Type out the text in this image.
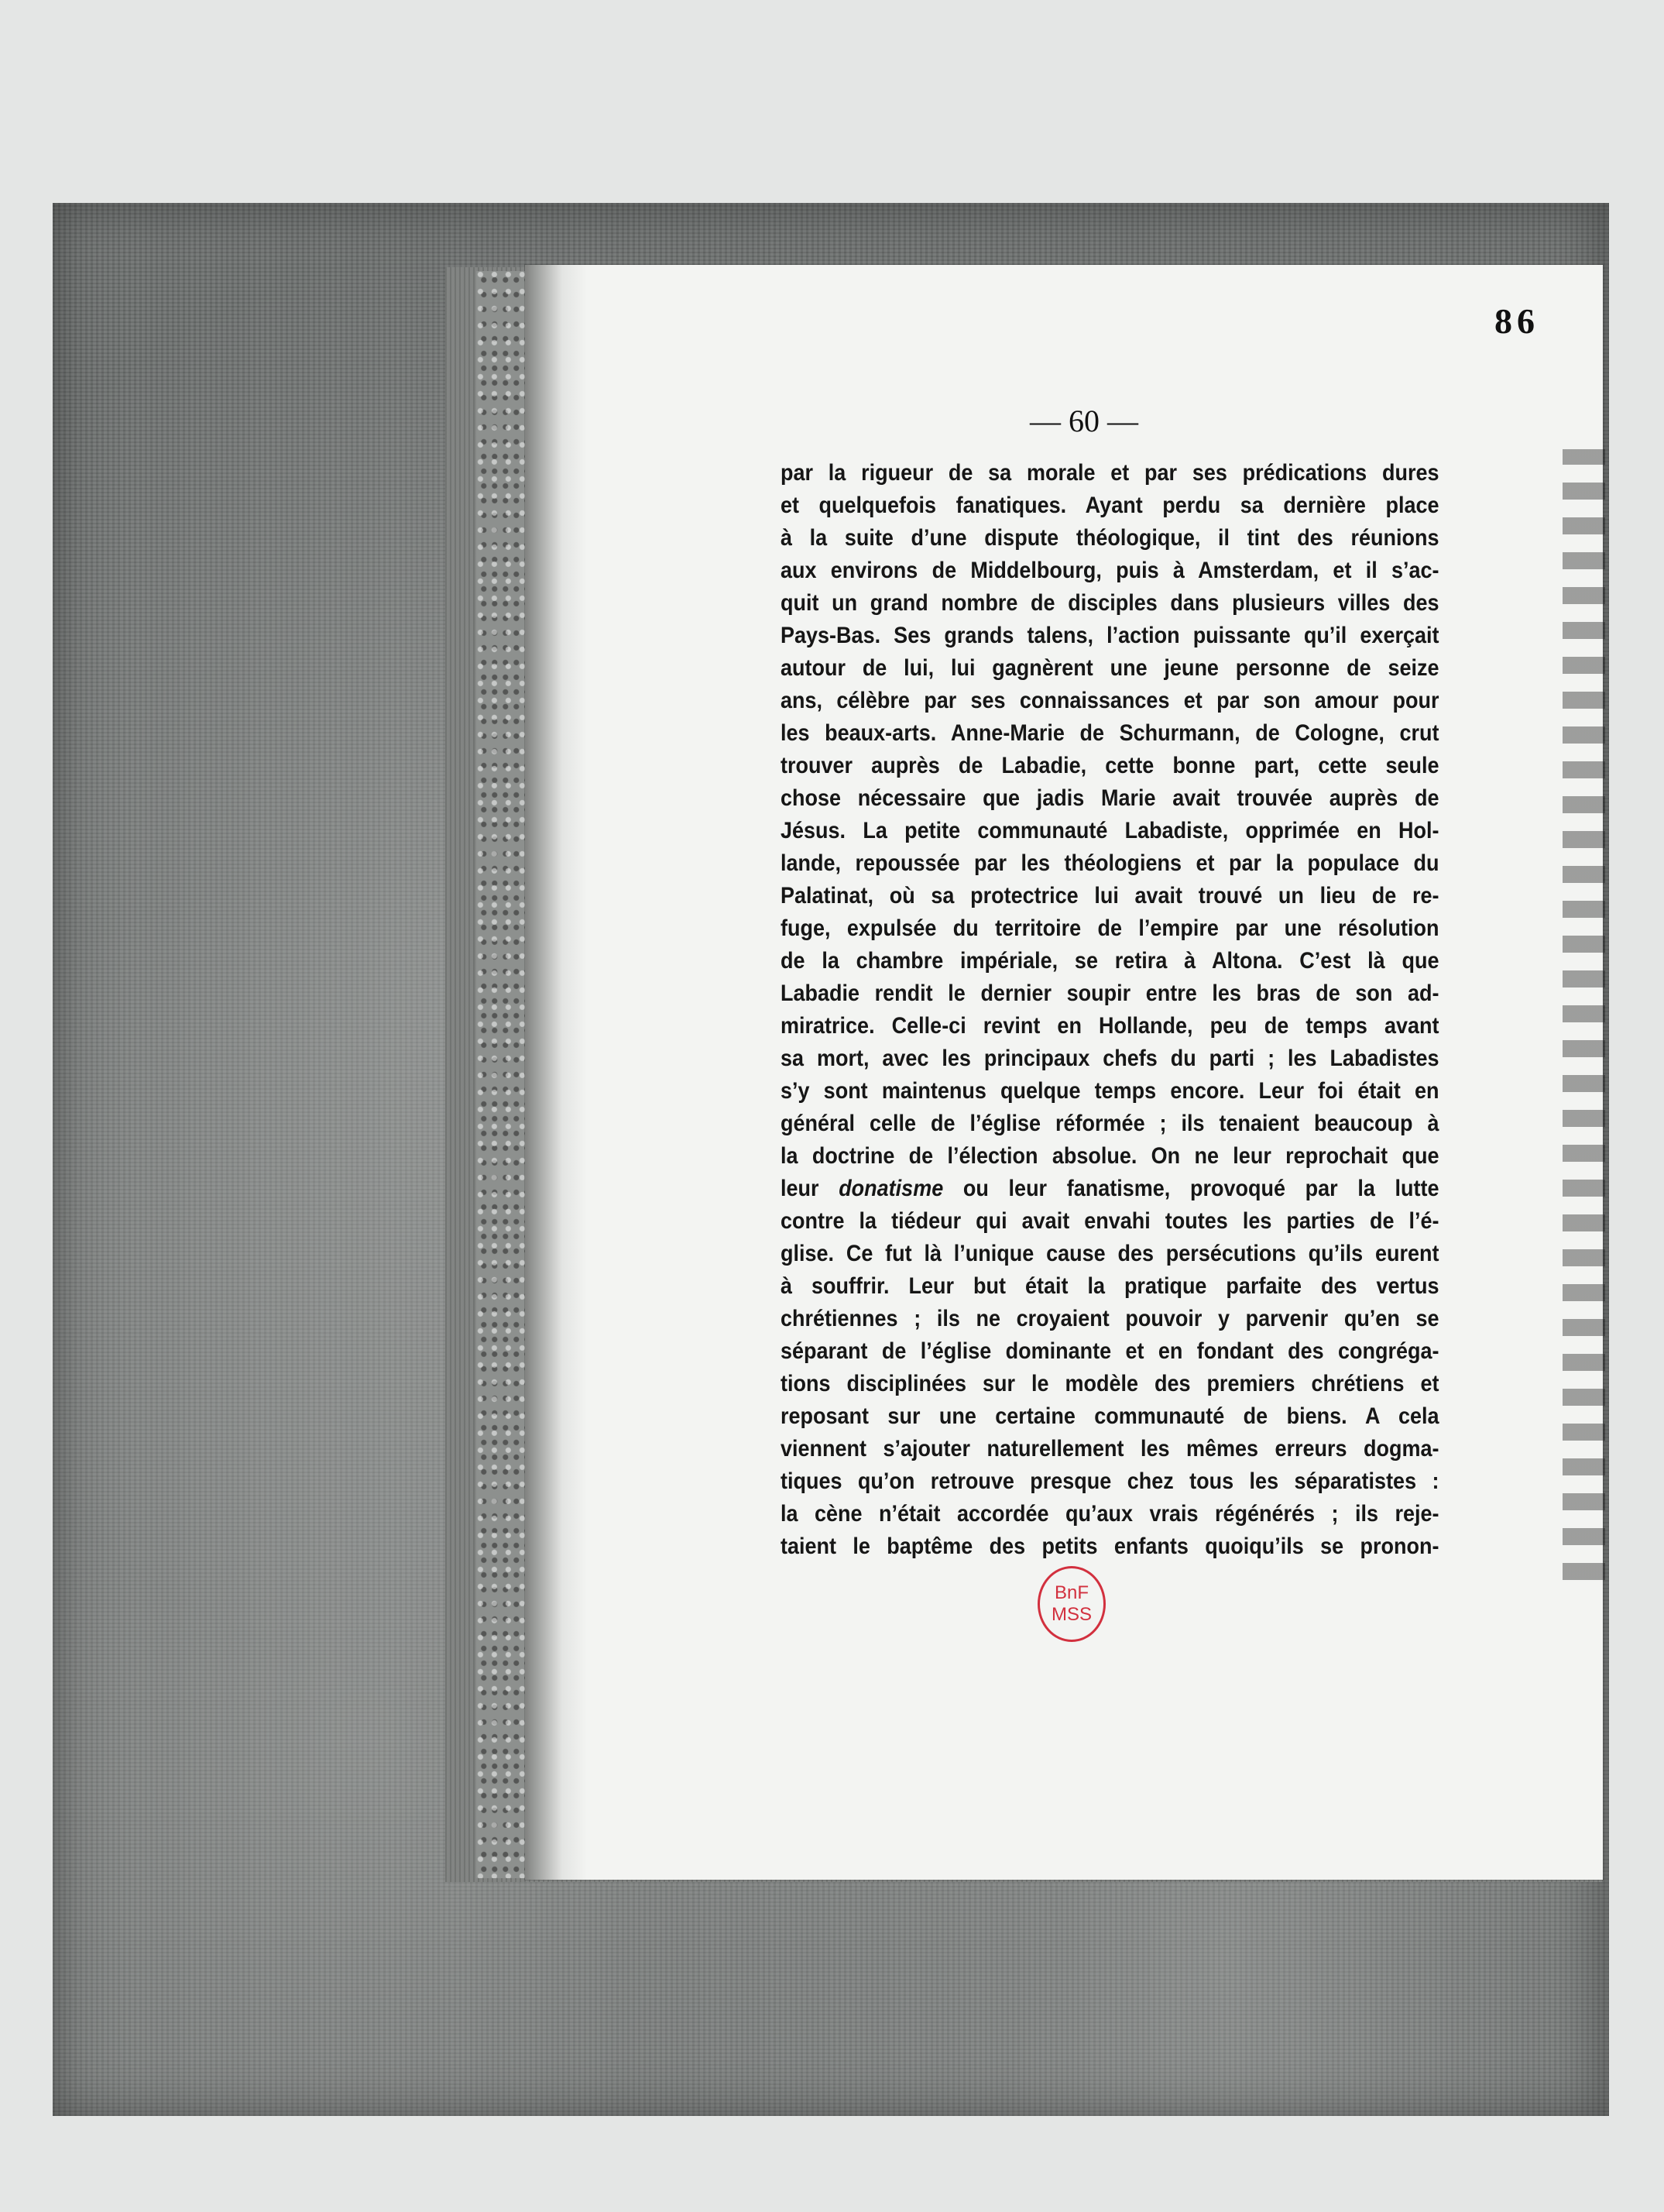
86
— 60 —
par la rigueur de sa morale et par ses prédications dures
et quelquefois fanatiques. Ayant perdu sa dernière place
à la suite d’une dispute théologique, il tint des réunions
aux environs de Middelbourg, puis à Amsterdam, et il s’ac-
quit un grand nombre de disciples dans plusieurs villes des
Pays-Bas. Ses grands talens, l’action puissante qu’il exerçait
autour de lui, lui gagnèrent une jeune personne de seize
ans, célèbre par ses connaissances et par son amour pour
les beaux-arts. Anne-Marie de Schurmann, de Cologne, crut
trouver auprès de Labadie, cette bonne part, cette seule
chose nécessaire que jadis Marie avait trouvée auprès de
Jésus. La petite communauté Labadiste, opprimée en Hol-
lande, repoussée par les théologiens et par la populace du
Palatinat, où sa protectrice lui avait trouvé un lieu de re-
fuge, expulsée du territoire de l’empire par une résolution
de la chambre impériale, se retira à Altona. C’est là que
Labadie rendit le dernier soupir entre les bras de son ad-
miratrice. Celle-ci revint en Hollande, peu de temps avant
sa mort, avec les principaux chefs du parti ; les Labadistes
s’y sont maintenus quelque temps encore. Leur foi était en
général celle de l’église réformée ; ils tenaient beaucoup à
la doctrine de l’élection absolue. On ne leur reprochait que
leur donatisme ou leur fanatisme, provoqué par la lutte
contre la tiédeur qui avait envahi toutes les parties de l’é-
glise. Ce fut là l’unique cause des persécutions qu’ils eurent
à souffrir. Leur but était la pratique parfaite des vertus
chrétiennes ; ils ne croyaient pouvoir y parvenir qu’en se
séparant de l’église dominante et en fondant des congréga-
tions disciplinées sur le modèle des premiers chrétiens et
reposant sur une certaine communauté de biens. A cela
viennent s’ajouter naturellement les mêmes erreurs dogma-
tiques qu’on retrouve presque chez tous les séparatistes :
la cène n’était accordée qu’aux vrais régénérés ; ils reje-
taient le baptême des petits enfants quoiqu’ils se pronon-
BnF
MSS
